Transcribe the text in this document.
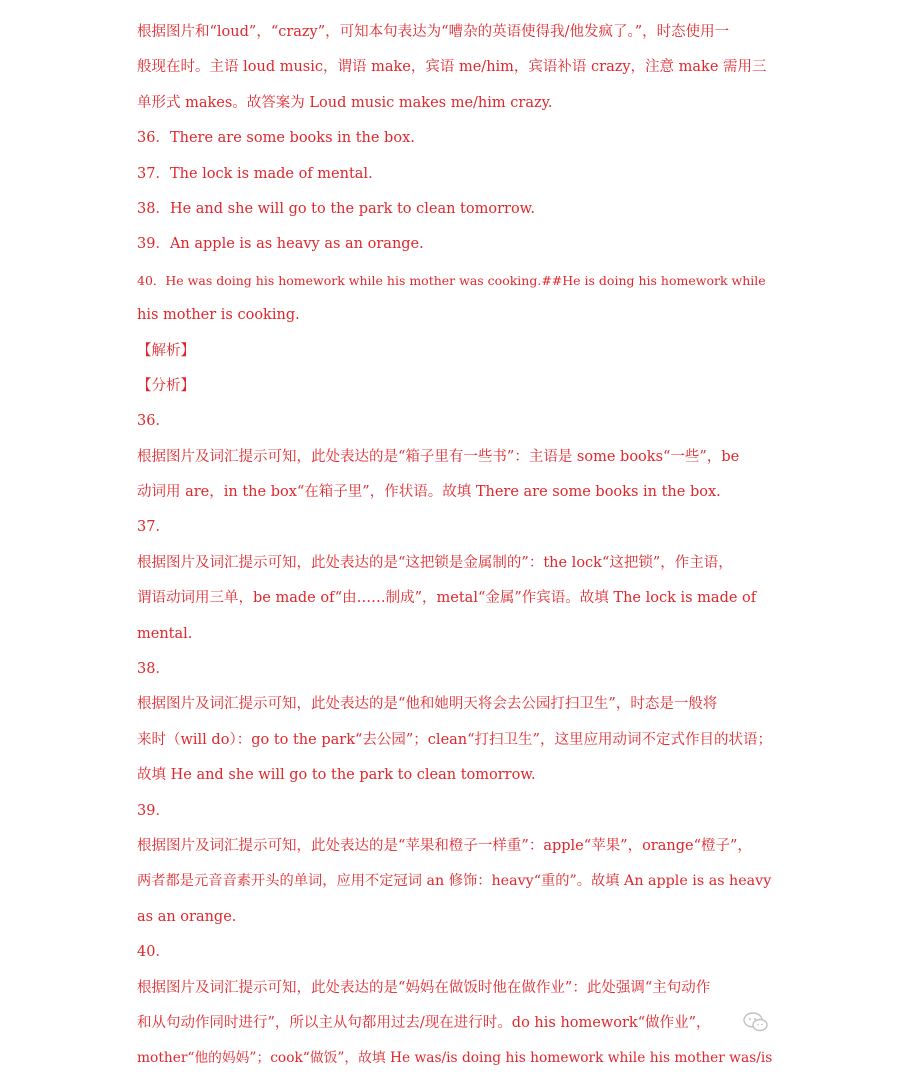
根据图片和“loud”，“crazy”，可知本句表达为“嘈杂的英语使得我/他发疯了。”，时态使用一
般现在时。主语 loud music，谓语 make，宾语 me/him，宾语补语 crazy，注意 make 需用三
单形式 makes。故答案为 Loud music makes me/him crazy.
36．There are some books in the box.
37．The lock is made of mental.
38．He and she will go to the park to clean tomorrow.
39．An apple is as heavy as an orange.
40．He was doing his homework while his mother was cooking.##He is doing his homework while
his mother is cooking.
【解析】
【分析】
36．
根据图片及词汇提示可知，此处表达的是“箱子里有一些书”：主语是 some books“一些”，be
动词用 are，in the box“在箱子里”，作状语。故填 There are some books in the box.
37．
根据图片及词汇提示可知，此处表达的是“这把锁是金属制的”：the lock“这把锁”，作主语，
谓语动词用三单，be made of“由……制成”，metal“金属”作宾语。故填 The lock is made of
mental.
38．
根据图片及词汇提示可知，此处表达的是“他和她明天将会去公园打扫卫生”，时态是一般将
来时（will do）：go to the park“去公园”；clean“打扫卫生”，这里应用动词不定式作目的状语；
故填 He and she will go to the park to clean tomorrow.
39．
根据图片及词汇提示可知，此处表达的是“苹果和橙子一样重”：apple“苹果”，orange“橙子”，
两者都是元音音素开头的单词，应用不定冠词 an 修饰：heavy“重的”。故填 An apple is as heavy
as an orange.
40．
根据图片及词汇提示可知，此处表达的是“妈妈在做饭时他在做作业”：此处强调“主句动作
和从句动作同时进行”，所以主从句都用过去/现在进行时。do his homework“做作业”，
mother“他的妈妈”；cook“做饭”，故填 He was/is doing his homework while his mother was/is
